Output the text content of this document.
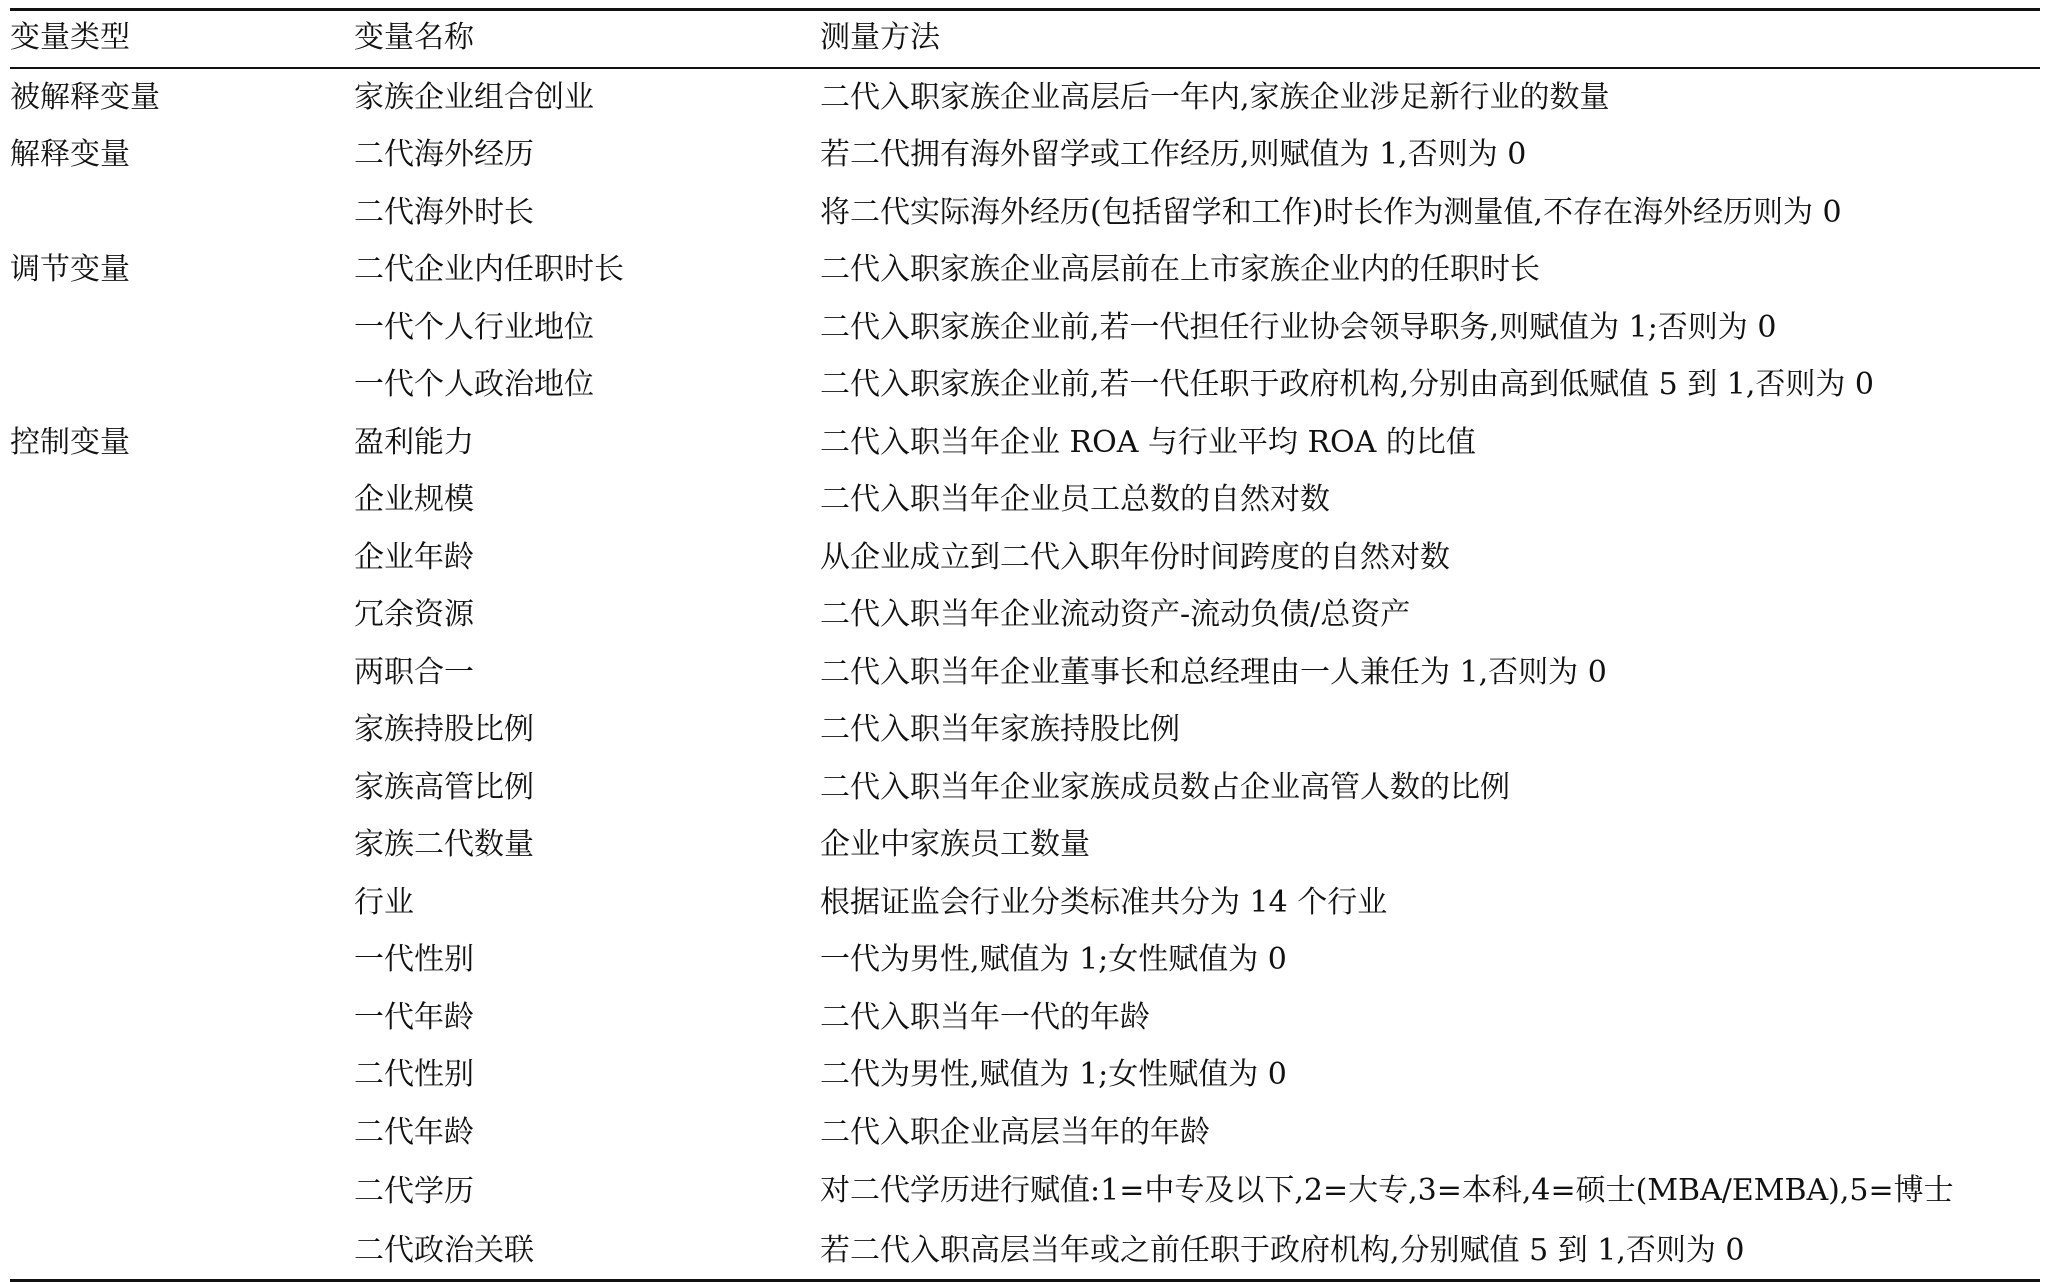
变量类型	变量名称	测量方法
被解释变量	家族企业组合创业	二代入职家族企业高层后一年内,家族企业涉足新行业的数量
解释变量	二代海外经历	若二代拥有海外留学或工作经历,则赋值为 1,否则为 0
	二代海外时长	将二代实际海外经历(包括留学和工作)时长作为测量值,不存在海外经历则为 0
调节变量	二代企业内任职时长	二代入职家族企业高层前在上市家族企业内的任职时长
	一代个人行业地位	二代入职家族企业前,若一代担任行业协会领导职务,则赋值为 1;否则为 0
	一代个人政治地位	二代入职家族企业前,若一代任职于政府机构,分别由高到低赋值 5 到 1,否则为 0
控制变量	盈利能力	二代入职当年企业 ROA 与行业平均 ROA 的比值
	企业规模	二代入职当年企业员工总数的自然对数
	企业年龄	从企业成立到二代入职年份时间跨度的自然对数
	冗余资源	二代入职当年企业流动资产-流动负债/总资产
	两职合一	二代入职当年企业董事长和总经理由一人兼任为 1,否则为 0
	家族持股比例	二代入职当年家族持股比例
	家族高管比例	二代入职当年企业家族成员数占企业高管人数的比例
	家族二代数量	企业中家族员工数量
	行业	根据证监会行业分类标准共分为 14 个行业
	一代性别	一代为男性,赋值为 1;女性赋值为 0
	一代年龄	二代入职当年一代的年龄
	二代性别	二代为男性,赋值为 1;女性赋值为 0
	二代年龄	二代入职企业高层当年的年龄
	二代学历	对二代学历进行赋值:1=中专及以下,2=大专,3=本科,4=硕士(MBA/EMBA),5=博士
	二代政治关联	若二代入职高层当年或之前任职于政府机构,分别赋值 5 到 1,否则为 0
